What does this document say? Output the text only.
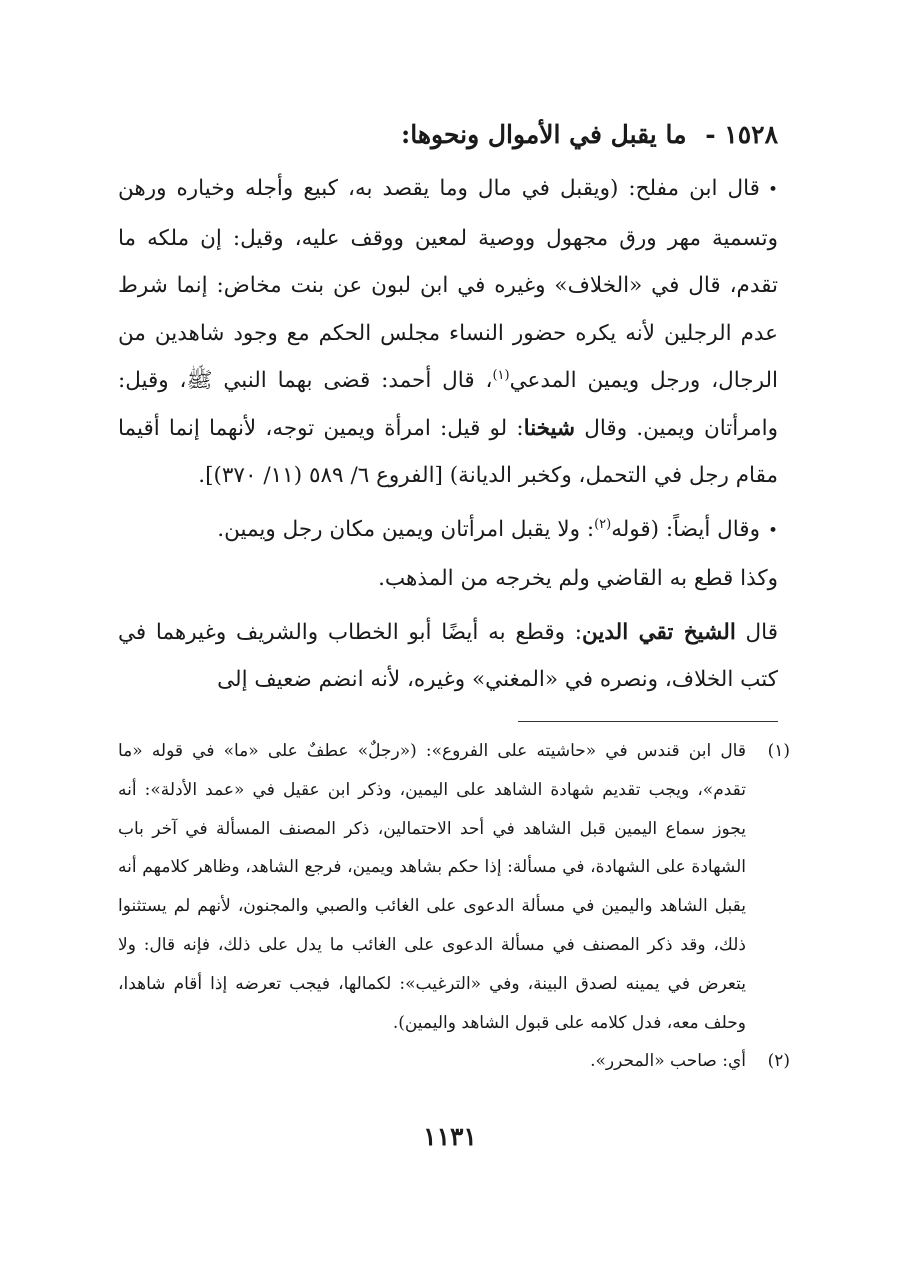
١٥٢٨ - ما يقبل في الأموال ونحوها:

•قال ابن مفلح: (ويقبل في مال وما يقصد به، كبيع وأجله وخياره ورهن وتسمية مهر ورق مجهول ووصية لمعين ووقف عليه، وقيل: إن ملكه ما تقدم، قال في «الخلاف» وغيره في ابن لبون عن بنت مخاض: إنما شرط عدم الرجلين لأنه يكره حضور النساء مجلس الحكم مع وجود شاهدين من الرجال، ورجل ويمين المدعي$^{(١)}$، قال أحمد: قضى بهما النبي ﷺ، وقيل: وامرأتان ويمين. وقال شيخنا: لو قيل: امرأة ويمين توجه، لأنهما إنما أقيما مقام رجل في التحمل، وكخبر الديانة) [الفروع ٦/ ٥٨٩ (١١/ ٣٧٠)].

•وقال أيضاً: (قوله$^{(٢)}$: ولا يقبل امرأتان ويمين مكان رجل ويمين.

وكذا قطع به القاضي ولم يخرجه من المذهب.

قال الشيخ تقي الدين: وقطع به أيضًا أبو الخطاب والشريف وغيرهما في كتب الخلاف، ونصره في «المغني» وغيره، لأنه انضم ضعيف إلى

(١)
قال ابن قندس في «حاشيته على الفروع»: («رجلٌ» عطفٌ على «ما» في قوله «ما تقدم»، ويجب تقديم شهادة الشاهد على اليمين، وذكر ابن عقيل في «عمد الأدلة»: أنه يجوز سماع اليمين قبل الشاهد في أحد الاحتمالين، ذكر المصنف المسألة في آخر باب الشهادة على الشهادة، في مسألة: إذا حكم بشاهد ويمين، فرجع الشاهد، وظاهر كلامهم أنه يقبل الشاهد واليمين في مسألة الدعوى على الغائب والصبي والمجنون، لأنهم لم يستثنوا ذلك، وقد ذكر المصنف في مسألة الدعوى على الغائب ما يدل على ذلك، فإنه قال: ولا يتعرض في يمينه لصدق البينة، وفي «الترغيب»: لكمالها، فيجب تعرضه إذا أقام شاهدا، وحلف معه، فدل كلامه على قبول الشاهد واليمين).
(٢)
أي: صاحب «المحرر».
١١٣١
